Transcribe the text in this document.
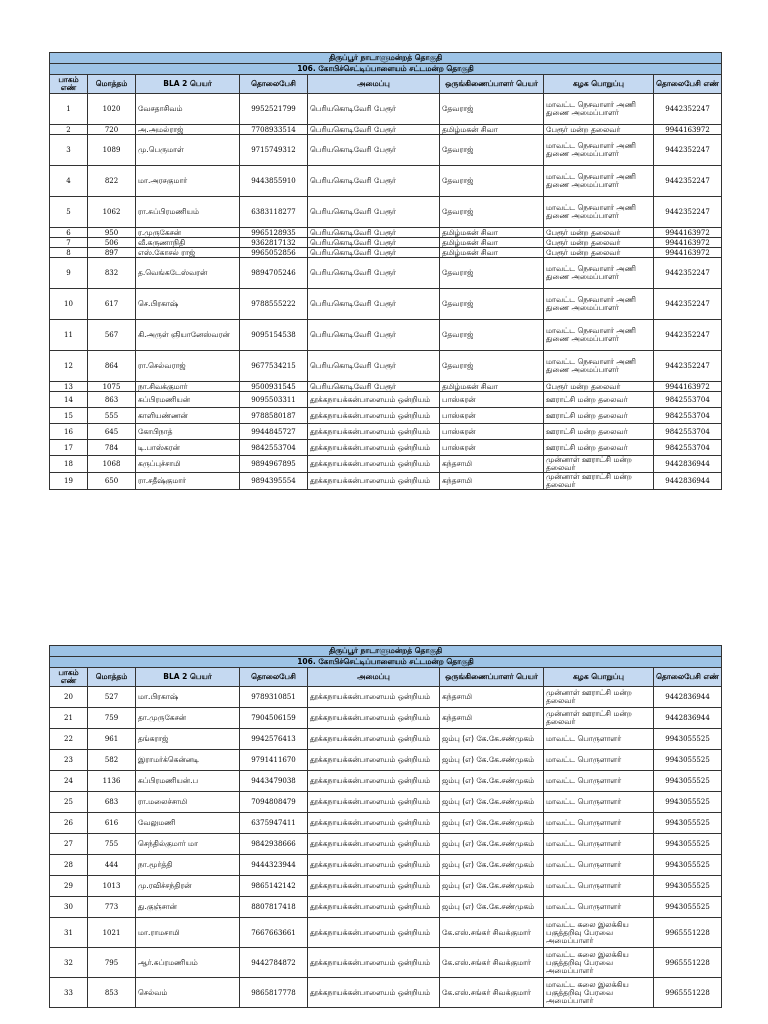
திருப்பூர் நாடாளுமன்றத் தொகுதி							
106. கோபிச்செட்டிப்பாளையம் சட்டமன்ற தொகுதி							
பாகம் எண்	மொத்தம்	BLA 2 பெயர்	தொலைபேசி	அமைப்பு	ஒருங்கிணைப்பாளர் பெயர்	கழக பொறுப்பு	தொலைபேசி எண்
1	1020	வேசதாசிவம்	9952521799	பெரியகொடிவேரி பேரூர்	தேவராஜ்	மாவட்ட நெசவாளர் அணி துணை அமைப்பாளர்	9442352247
2	720	அ.அமல்ராஜ்	7708933514	பெரியகொடிவேரி பேரூர்	தமிழ்மகன் சிவா	பேரூர் மன்ற தலைவர்	9944163972
3	1089	மு.பெருமாள்	9715749312	பெரியகொடிவேரி பேரூர்	தேவராஜ்	மாவட்ட நெசவாளர் அணி துணை அமைப்பாளர்	9442352247
4	822	மா.அரசகுமார்	9443855910	பெரியகொடிவேரி பேரூர்	தேவராஜ்	மாவட்ட நெசவாளர் அணி துணை அமைப்பாளர்	9442352247
5	1062	ரா.சுப்பிரமணியம்	6383118277	பெரியகொடிவேரி பேரூர்	தேவராஜ்	மாவட்ட நெசவாளர் அணி துணை அமைப்பாளர்	9442352247
6	950	ர.முருகேசன்	9965128935	பெரியகொடிவேரி பேரூர்	தமிழ்மகன் சிவா	பேரூர் மன்ற தலைவர்	9944163972
7	506	வீ.கருணாநிதி	9362817132	பெரியகொடிவேரி பேரூர்	தமிழ்மகன் சிவா	பேரூர் மன்ற தலைவர்	9944163972
8	897	எஸ்.கோசல் ராஜ்	9965052856	பெரியகொடிவேரி பேரூர்	தமிழ்மகன் சிவா	பேரூர் மன்ற தலைவர்	9944163972
9	832	த.வெங்கடேஸ்வரன்	9894705246	பெரியகொடிவேரி பேரூர்	தேவராஜ்	மாவட்ட நெசவாளர் அணி துணை அமைப்பாளர்	9442352247
10	617	செ.பிரகாஷ்	9788555222	பெரியகொடிவேரி பேரூர்	தேவராஜ்	மாவட்ட நெசவாளர் அணி துணை அமைப்பாளர்	9442352247
11	567	கி.அருள் ஞியானேஸ்வரன்	9095154538	பெரியகொடிவேரி பேரூர்	தேவராஜ்	மாவட்ட நெசவாளர் அணி துணை அமைப்பாளர்	9442352247
12	864	ரா.செல்வராஜ்	9677534215	பெரியகொடிவேரி பேரூர்	தேவராஜ்	மாவட்ட நெசவாளர் அணி துணை அமைப்பாளர்	9442352247
13	1075	நா.சிவக்குமார்	9500931545	பெரியகொடிவேரி பேரூர்	தமிழ்மகன் சிவா	பேரூர் மன்ற தலைவர்	9944163972
14	863	சுப்பிரமணியன்	9095503311	தூக்கநாயக்கன்பாளையம் ஒன்றியம்	பாஸ்கரன்	ஊராட்சி மன்ற தலைவர்	9842553704
15	555	காளியண்ணன்	9788580187	தூக்கநாயக்கன்பாளையம் ஒன்றியம்	பாஸ்கரன்	ஊராட்சி மன்ற தலைவர்	9842553704
16	645	கோபிநாத்	9944845727	தூக்கநாயக்கன்பாளையம் ஒன்றியம்	பாஸ்கரன்	ஊராட்சி மன்ற தலைவர்	9842553704
17	784	டி.பாஸ்கரன்	9842553704	தூக்கநாயக்கன்பாளையம் ஒன்றியம்	பாஸ்கரன்	ஊராட்சி மன்ற தலைவர்	9842553704
18	1068	கருப்புச்சாமி	9894967895	தூக்கநாயக்கன்பாளையம் ஒன்றியம்	கந்தசாமி	முன்னாள் ஊராட்சி மன்ற தலைவர்	9442836944
19	650	ரா.சதீஷ்குமார்	9894395554	தூக்கநாயக்கன்பாளையம் ஒன்றியம்	கந்தசாமி	முன்னாள் ஊராட்சி மன்ற தலைவர்	9442836944
திருப்பூர் நாடாளுமன்றத் தொகுதி							
106. கோபிச்செட்டிப்பாளையம் சட்டமன்ற தொகுதி							
பாகம் எண்	மொத்தம்	BLA 2 பெயர்	தொலைபேசி	அமைப்பு	ஒருங்கிணைப்பாளர் பெயர்	கழக பொறுப்பு	தொலைபேசி எண்
20	527	மா.பிரகாஷ்	9789310851	தூக்கநாயக்கன்பாளையம் ஒன்றியம்	கந்தசாமி	முன்னாள் ஊராட்சி மன்ற தலைவர்	9442836944
21	759	தா.முருகேசன்	7904506159	தூக்கநாயக்கன்பாளையம் ஒன்றியம்	கந்தசாமி	முன்னாள் ஊராட்சி மன்ற தலைவர்	9442836944
22	961	தங்கராஜ்	9942576413	தூக்கநாயக்கன்பாளையம் ஒன்றியம்	ஜம்பு (எ) கே.கே.சண்முகம்	மாவட்ட பொருளாளர்	9943055525
23	582	இராமர்க்கென்னடி	9791411670	தூக்கநாயக்கன்பாளையம் ஒன்றியம்	ஜம்பு (எ) கே.கே.சண்முகம்	மாவட்ட பொருளாளர்	9943055525
24	1136	சுப்பிரமணியன்.ப	9443479038	தூக்கநாயக்கன்பாளையம் ஒன்றியம்	ஜம்பு (எ) கே.கே.சண்முகம்	மாவட்ட பொருளாளர்	9943055525
25	683	ரா.மலைச்சாமி	7094808479	தூக்கநாயக்கன்பாளையம் ஒன்றியம்	ஜம்பு (எ) கே.கே.சண்முகம்	மாவட்ட பொருளாளர்	9943055525
26	616	வேலுமணி	6375947411	தூக்கநாயக்கன்பாளையம் ஒன்றியம்	ஜம்பு (எ) கே.கே.சண்முகம்	மாவட்ட பொருளாளர்	9943055525
27	755	செந்தில்குமார் மா	9842938666	தூக்கநாயக்கன்பாளையம் ஒன்றியம்	ஜம்பு (எ) கே.கே.சண்முகம்	மாவட்ட பொருளாளர்	9943055525
28	444	நா.மூர்த்தி	9444323944	தூக்கநாயக்கன்பாளையம் ஒன்றியம்	ஜம்பு (எ) கே.கே.சண்முகம்	மாவட்ட பொருளாளர்	9943055525
29	1013	மு.ரவிச்சந்திரன்	9865142142	தூக்கநாயக்கன்பாளையம் ஒன்றியம்	ஜம்பு (எ) கே.கே.சண்முகம்	மாவட்ட பொருளாளர்	9943055525
30	773	து.குஞ்சான்	8807817418	தூக்கநாயக்கன்பாளையம் ஒன்றியம்	ஜம்பு (எ) கே.கே.சண்முகம்	மாவட்ட பொருளாளர்	9943055525
31	1021	மா.ராமசாமி	7667663661	தூக்கநாயக்கன்பாளையம் ஒன்றியம்	கே.எஸ்.சங்கர் சிவக்குமார்	மாவட்ட கலை இலக்கிய பகுத்தறிவு பேரவை அமைப்பாளர்	9965551228
32	795	ஆர்.சுப்ரமணியம்	9442784872	தூக்கநாயக்கன்பாளையம் ஒன்றியம்	கே.எஸ்.சங்கர் சிவக்குமார்	மாவட்ட கலை இலக்கிய பகுத்தறிவு பேரவை அமைப்பாளர்	9965551228
33	853	செல்வம்	9865817778	தூக்கநாயக்கன்பாளையம் ஒன்றியம்	கே.எஸ்.சங்கர் சிவக்குமார்	மாவட்ட கலை இலக்கிய பகுத்தறிவு பேரவை அமைப்பாளர்	9965551228
